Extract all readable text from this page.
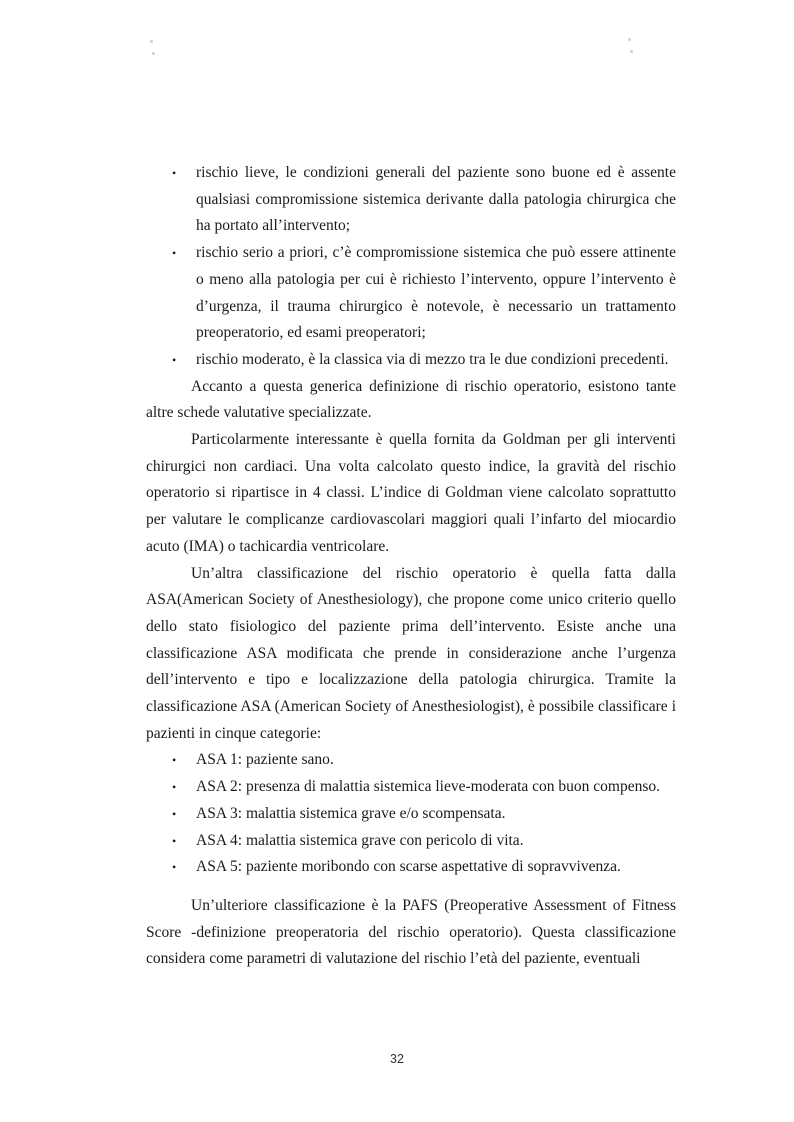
• rischio lieve, le condizioni generali del paziente sono buone ed è assente qualsiasi compromissione sistemica derivante dalla patologia chirurgica che ha portato all’intervento;
• rischio serio a priori, c’è compromissione sistemica che può essere attinente o meno alla patologia per cui è richiesto l’intervento, oppure l’intervento è d’urgenza, il trauma chirurgico è notevole, è necessario un trattamento preoperatorio, ed esami preoperatori;
• rischio moderato, è la classica via di mezzo tra le due condizioni precedenti.

Accanto a questa generica definizione di rischio operatorio, esistono tante altre schede valutative specializzate.

Particolarmente interessante è quella fornita da Goldman per gli interventi chirurgici non cardiaci. Una volta calcolato questo indice, la gravità del rischio operatorio si ripartisce in 4 classi. L’indice di Goldman viene calcolato soprattutto per valutare le complicanze cardiovascolari maggiori quali l’infarto del miocardio acuto (IMA) o tachicardia ventricolare.

Un’altra classificazione del rischio operatorio è quella fatta dalla ASA(American Society of Anesthesiology), che propone come unico criterio quello dello stato fisiologico del paziente prima dell’intervento. Esiste anche una classificazione ASA modificata che prende in considerazione anche l’urgenza dell’intervento e tipo e localizzazione della patologia chirurgica. Tramite la classificazione ASA (American Society of Anesthesiologist), è possibile classificare i pazienti in cinque categorie:

• ASA 1: paziente sano.
• ASA 2: presenza di malattia sistemica lieve-moderata con buon compenso.
• ASA 3: malattia sistemica grave e/o scompensata.
• ASA 4: malattia sistemica grave con pericolo di vita.
• ASA 5: paziente moribondo con scarse aspettative di sopravvivenza.

Un’ulteriore classificazione è la PAFS (Preoperative Assessment of Fitness Score -definizione preoperatoria del rischio operatorio). Questa classificazione considera come parametri di valutazione del rischio l’età del paziente, eventuali

32
